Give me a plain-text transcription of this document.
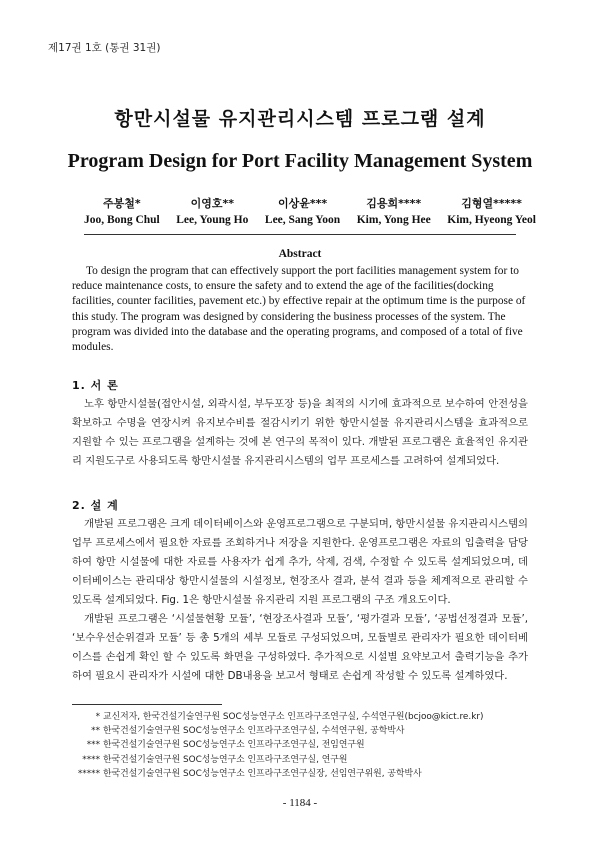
제17권 1호 (통권 31권)
항만시설물 유지관리시스템 프로그램 설계
Program Design for Port Facility Management System
주봉철*
Joo, Bong Chul
이영호**
Lee, Young Ho
이상윤***
Lee, Sang Yoon
김용희****
Kim, Yong Hee
김형열*****
Kim, Hyeong Yeol
Abstract

To design the program that can effectively support the port facilities management system for to reduce maintenance costs, to ensure the safety and to extend the age of the facilities(docking facilities, counter facilities, pavement etc.) by effective repair at the optimum time is the purpose of this study. The program was designed by considering the business processes of the system. The program was divided into the database and the operating programs, and composed of a total of five modules.

1. 서 론

노후 항만시설물(접안시설, 외곽시설, 부두포장 등)을 최적의 시기에 효과적으로 보수하여 안전성을 확보하고 수명을 연장시켜 유지보수비를 절감시키기 위한 항만시설물 유지관리시스템을 효과적으로 지원할 수 있는 프로그램을 설계하는 것에 본 연구의 목적이 있다. 개발된 프로그램은 효율적인 유지관리 지원도구로 사용되도록 항만시설물 유지관리시스템의 업무 프로세스를 고려하여 설계되었다.

2. 설 계

개발된 프로그램은 크게 데이터베이스와 운영프로그램으로 구분되며, 항만시설물 유지관리시스템의 업무 프로세스에서 필요한 자료를 조회하거나 저장을 지원한다. 운영프로그램은 자료의 입출력을 담당하여 항만 시설물에 대한 자료를 사용자가 쉽게 추가, 삭제, 검색, 수정할 수 있도록 설계되었으며, 데이터베이스는 관리대상 항만시설물의 시설정보, 현장조사 결과, 분석 결과 등을 체계적으로 관리할 수 있도록 설계되었다. Fig. 1은 항만시설물 유지관리 지원 프로그램의 구조 개요도이다.

개발된 프로그램은 ‘시설물현황 모듈’, ‘현장조사결과 모듈’, ‘평가결과 모듈’, ‘공법선정결과 모듈’, ‘보수우선순위결과 모듈’ 등 총 5개의 세부 모듈로 구성되었으며, 모듈별로 관리자가 필요한 데이터베이스를 손쉽게 확인 할 수 있도록 화면을 구성하였다. 추가적으로 시설별 요약보고서 출력기능을 추가하여 필요시 관리자가 시설에 대한 DB내용을 보고서 형태로 손쉽게 작성할 수 있도록 설계하였다.

* 교신저자, 한국건설기술연구원 SOC성능연구소 인프라구조연구실, 수석연구원(bcjoo@kict.re.kr)
** 한국건설기술연구원 SOC성능연구소 인프라구조연구실, 수석연구원, 공학박사
*** 한국건설기술연구원 SOC성능연구소 인프라구조연구실, 전임연구원
**** 한국건설기술연구원 SOC성능연구소 인프라구조연구실, 연구원
***** 한국건설기술연구원 SOC성능연구소 인프라구조연구실장, 선임연구위원, 공학박사
- 1184 -
